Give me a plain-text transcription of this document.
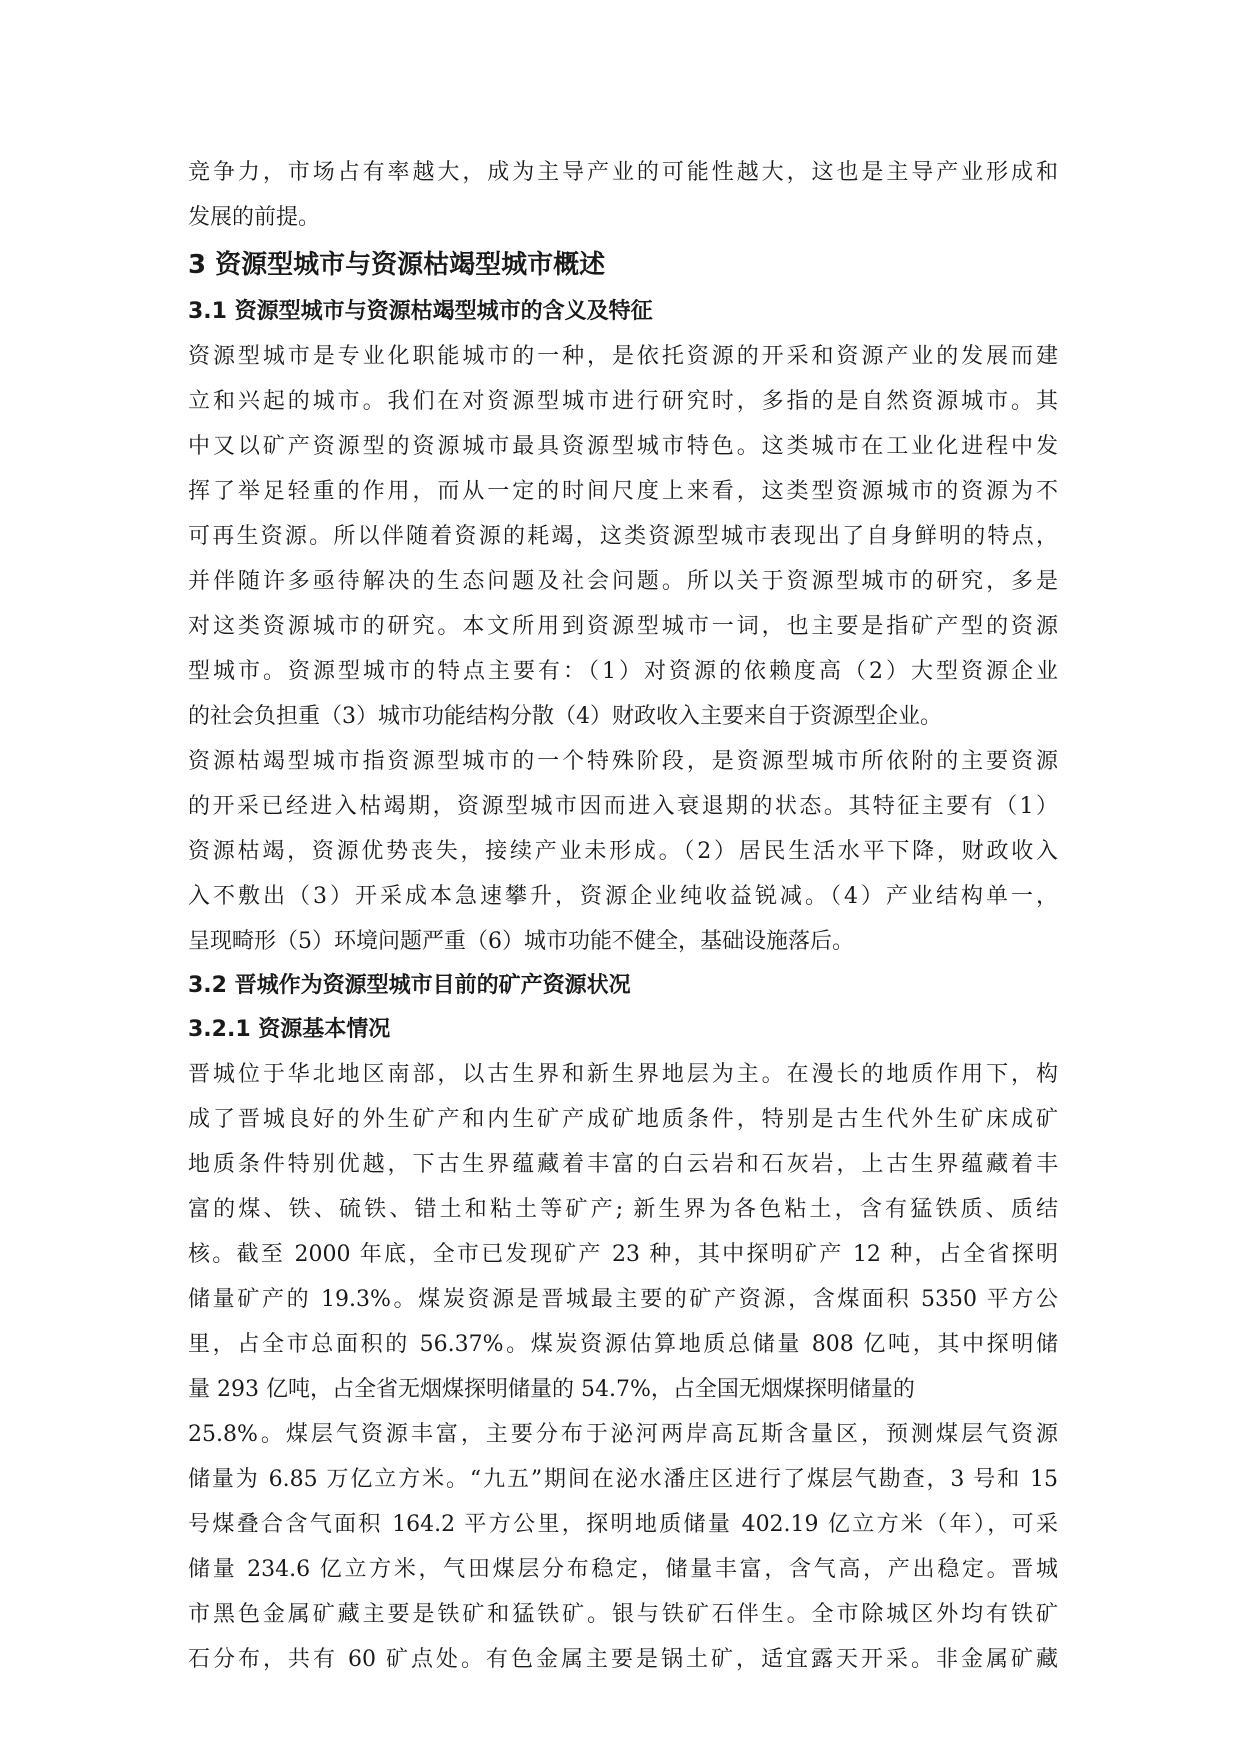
竞争力，市场占有率越大，成为主导产业的可能性越大，这也是主导产业形成和
发展的前提。
3 资源型城市与资源枯竭型城市概述
3.1 资源型城市与资源枯竭型城市的含义及特征
资源型城市是专业化职能城市的一种，是依托资源的开采和资源产业的发展而建
立和兴起的城市。我们在对资源型城市进行研究时，多指的是自然资源城市。其
中又以矿产资源型的资源城市最具资源型城市特色。这类城市在工业化进程中发
挥了举足轻重的作用，而从一定的时间尺度上来看，这类型资源城市的资源为不
可再生资源。所以伴随着资源的耗竭，这类资源型城市表现出了自身鲜明的特点，
并伴随许多亟待解决的生态问题及社会问题。所以关于资源型城市的研究，多是
对这类资源城市的研究。本文所用到资源型城市一词，也主要是指矿产型的资源
型城市。资源型城市的特点主要有：（1）对资源的依赖度高（2）大型资源企业
的社会负担重（3）城市功能结构分散（4）财政收入主要来自于资源型企业。
资源枯竭型城市指资源型城市的一个特殊阶段，是资源型城市所依附的主要资源
的开采已经进入枯竭期，资源型城市因而进入衰退期的状态。其特征主要有（1）
资源枯竭，资源优势丧失，接续产业未形成。（2）居民生活水平下降，财政收入
入不敷出（3）开采成本急速攀升，资源企业纯收益锐减。（4）产业结构单一，
呈现畸形（5）环境问题严重（6）城市功能不健全，基础设施落后。
3.2 晋城作为资源型城市目前的矿产资源状况
3.2.1 资源基本情况
晋城位于华北地区南部，以古生界和新生界地层为主。在漫长的地质作用下，构
成了晋城良好的外生矿产和内生矿产成矿地质条件，特别是古生代外生矿床成矿
地质条件特别优越，下古生界蕴藏着丰富的白云岩和石灰岩，上古生界蕴藏着丰
富的煤、铁、硫铁、错土和粘土等矿产; 新生界为各色粘土，含有猛铁质、质结
核。截至 2000 年底，全市已发现矿产 23 种，其中探明矿产 12 种，占全省探明
储量矿产的 19.3%。煤炭资源是晋城最主要的矿产资源，含煤面积 5350 平方公
里，占全市总面积的 56.37%。煤炭资源估算地质总储量 808 亿吨，其中探明储
量 293 亿吨，占全省无烟煤探明储量的 54.7%，占全国无烟煤探明储量的
25.8%。煤层气资源丰富，主要分布于泌河两岸高瓦斯含量区，预测煤层气资源
储量为 6.85 万亿立方米。“九五”期间在泌水潘庄区进行了煤层气勘查，3 号和 15
号煤叠合含气面积 164.2 平方公里，探明地质储量 402.19 亿立方米（年），可采
储量 234.6 亿立方米，气田煤层分布稳定，储量丰富，含气高，产出稳定。晋城
市黑色金属矿藏主要是铁矿和猛铁矿。银与铁矿石伴生。全市除城区外均有铁矿
石分布，共有 60 矿点处。有色金属主要是锅土矿，适宜露天开采。非金属矿藏
